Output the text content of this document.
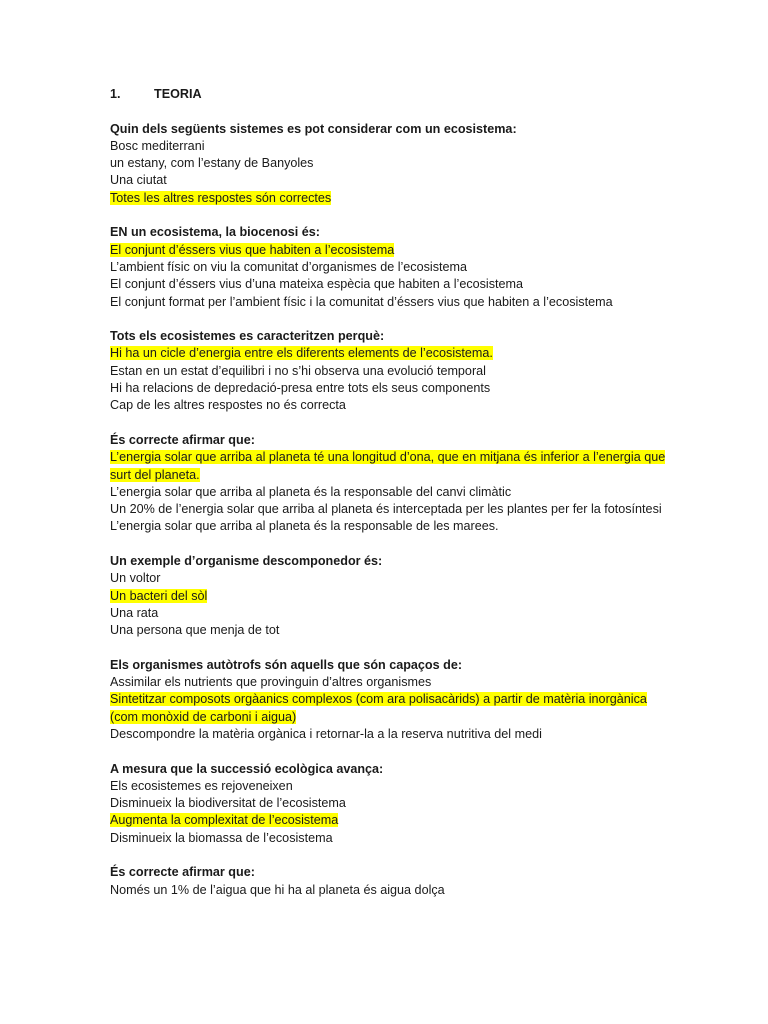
1.	TEORIA
Quin dels següents sistemes es pot considerar com un ecosistema:
Bosc mediterrani
un estany, com l’estany de Banyoles
Una ciutat
Totes les altres respostes són correctes
EN un ecosistema, la biocenosi és:
El conjunt d’éssers vius que habiten a l’ecosistema
L’ambient físic on viu la comunitat d’organismes de l’ecosistema
El conjunt d’éssers vius d’una mateixa espècia que habiten a l’ecosistema
El conjunt format per l’ambient físic i la comunitat d’éssers vius que habiten a l’ecosistema
Tots els ecosistemes es caracteritzen perquè:
Hi ha un cicle d’energia entre els diferents elements de l’ecosistema.
Estan en un estat d’equilibri i no s’hi observa una evolució temporal
Hi ha relacions de depredació-presa entre tots els seus components
Cap de les altres respostes no és correcta
És correcte afirmar que:
L’energia solar que arriba al planeta té una longitud d’ona, que en mitjana és inferior a l’energia que surt del planeta.
L’energia solar que arriba al planeta és la responsable del canvi climàtic
Un 20% de l’energia solar que arriba al planeta és interceptada per les plantes per fer la fotosíntesi
L’energia solar que arriba al planeta és la responsable de les marees.
Un exemple d’organisme descomponedor és:
Un voltor
Un bacteri del sòl
Una rata
Una persona que menja de tot
Els organismes autòtrofs són aquells que són capaços de:
Assimilar els nutrients que provinguin d’altres organismes
Sintetitzar composots orgàanics complexos (com ara polisacàrids) a partir de matèria inorgànica (com monòxid de carboni i aigua)
Descompondre la matèria orgànica i retornar-la a la reserva nutritiva del medi
A mesura que la successió ecològica avança:
Els ecosistemes es rejoveneixen
Disminueix la biodiversitat de l’ecosistema
Augmenta la complexitat de l’ecosistema
Disminueix la biomassa de l’ecosistema
És correcte afirmar que:
Només un 1% de l’aigua que hi ha al planeta és aigua dolça
